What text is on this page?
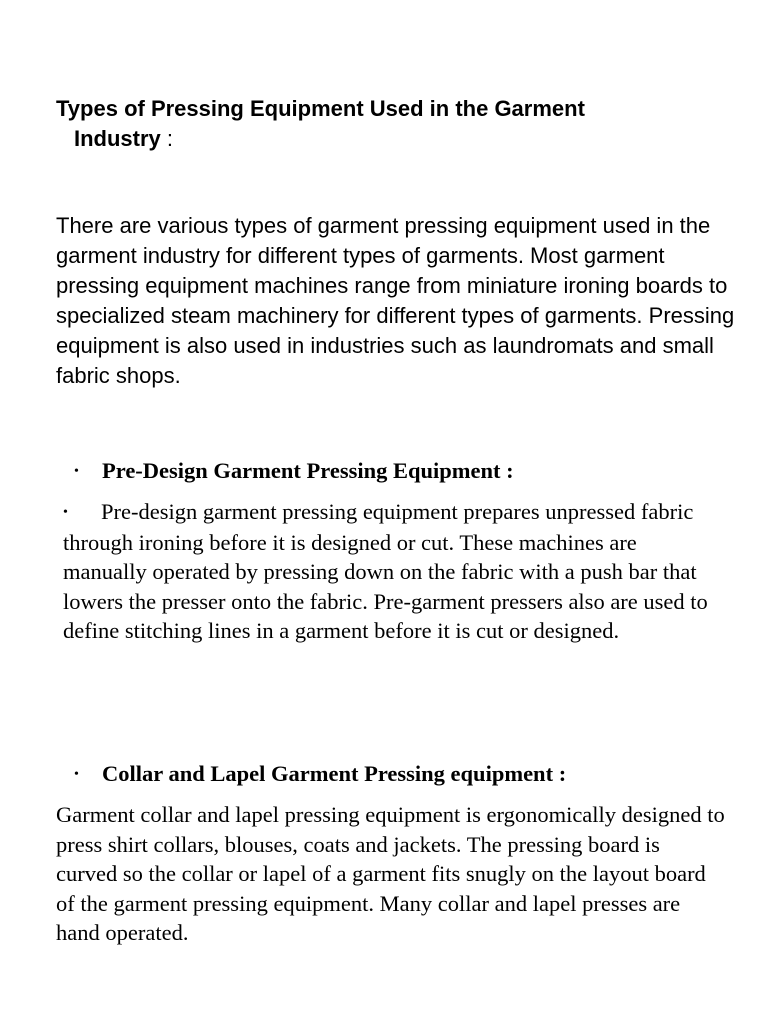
Types of Pressing Equipment Used in the Garment
Industry :

There are various types of garment pressing equipment used in the garment industry for different types of garments. Most garment pressing equipment machines range from miniature ironing boards to specialized steam machinery for different types of garments. Pressing equipment is also used in industries such as laundromats and small fabric shops.

• Pre-Design Garment Pressing Equipment :

• Pre-design garment pressing equipment prepares unpressed fabric through ironing before it is designed or cut. These machines are manually operated by pressing down on the fabric with a push bar that lowers the presser onto the fabric. Pre-garment pressers also are used to define stitching lines in a garment before it is cut or designed.

• Collar and Lapel Garment Pressing equipment :

Garment collar and lapel pressing equipment is ergonomically designed to press shirt collars, blouses, coats and jackets. The pressing board is curved so the collar or lapel of a garment fits snugly on the layout board of the garment pressing equipment. Many collar and lapel presses are hand operated.
